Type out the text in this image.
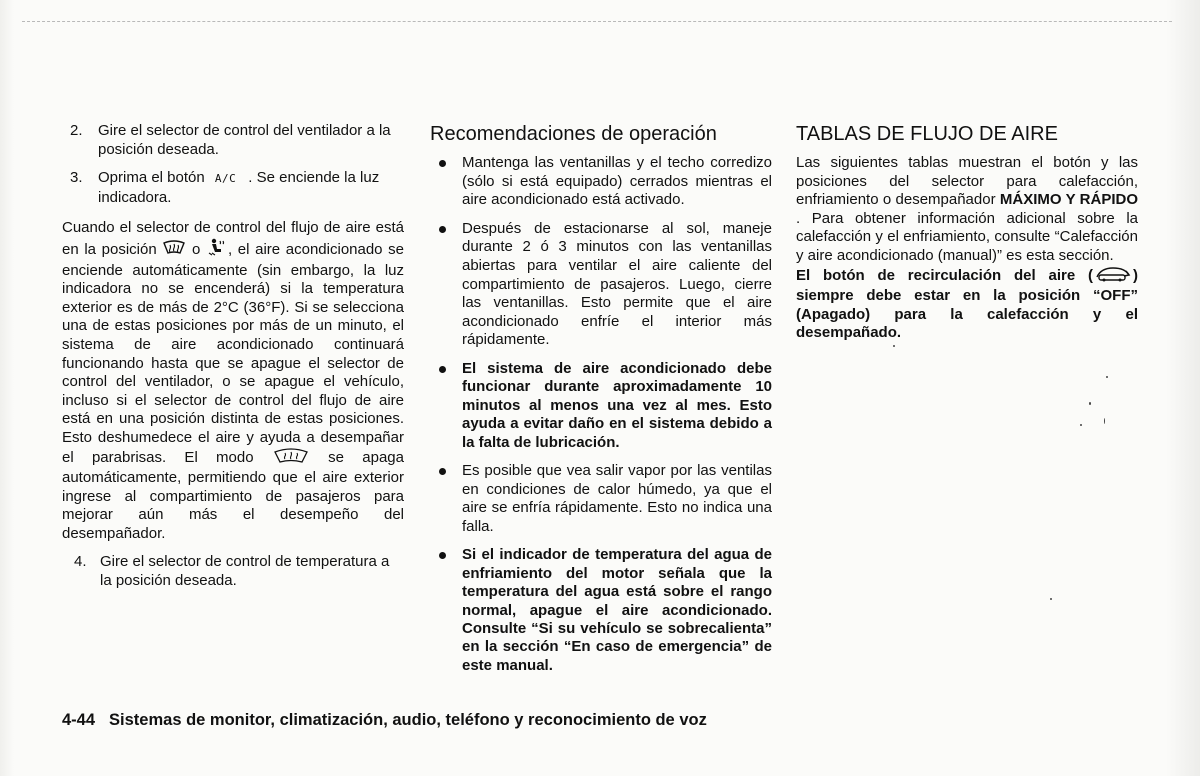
2. Gire el selector de control del ventilador a la posición deseada.
3. Oprima el botón A/C . Se enciende la luz indicadora.

Cuando el selector de control del flujo de aire está en la posición o , el aire acondicionado se enciende automáticamente (sin embargo, la luz indicadora no se encenderá) si la temperatura exterior es de más de 2°C (36°F). Si se selecciona una de estas posiciones por más de un minuto, el sistema de aire acondicionado continuará funcionando hasta que se apague el selector de control del ventilador, o se apague el vehículo, incluso si el selector de control del flujo de aire está en una posición distinta de estas posiciones. Esto deshumedece el aire y ayuda a desempañar el parabrisas. El modo	se apaga automáticamente, permitiendo que el aire exterior ingrese al compartimiento de pasajeros para mejorar aún más el desempeño del desempañador.

4. Gire el selector de control de temperatura a la posición deseada.
Recomendaciones de operación
Mantenga las ventanillas y el techo corredizo (sólo si está equipado) cerrados mientras el aire acondicionado está activado.
Después de estacionarse al sol, maneje durante 2 ó 3 minutos con las ventanillas abiertas para ventilar el aire caliente del compartimiento de pasajeros. Luego, cierre las ventanillas. Esto permite que el aire acondicionado enfríe el interior más rápidamente.
El sistema de aire acondicionado debe funcionar durante aproximadamente 10 minutos al menos una vez al mes. Esto ayuda a evitar daño en el sistema debido a la falta de lubricación.
Es posible que vea salir vapor por las ventilas en condiciones de calor húmedo, ya que el aire se enfría rápidamente. Esto no indica una falla.
Si el indicador de temperatura del agua de enfriamiento del motor señala que la temperatura del agua está sobre el rango normal, apague el aire acondicionado. Consulte “Si su vehículo se sobrecalienta” en la sección “En caso de emergencia” de este manual.
TABLAS DE FLUJO DE AIRE

Las siguientes tablas muestran el botón y las posiciones del selector para calefacción, enfriamiento o desempañador MÁXIMO Y RÁPIDO . Para obtener información adicional sobre la calefacción y el enfriamiento, consulte “Calefacción y aire acondicionado (manual)” es esta sección.

El botón de recirculación del aire (	) siempre debe estar en la posición “OFF” (Apagado) para la calefacción y el desempañado.

4-44 Sistemas de monitor, climatización, audio, teléfono y reconocimiento de voz
